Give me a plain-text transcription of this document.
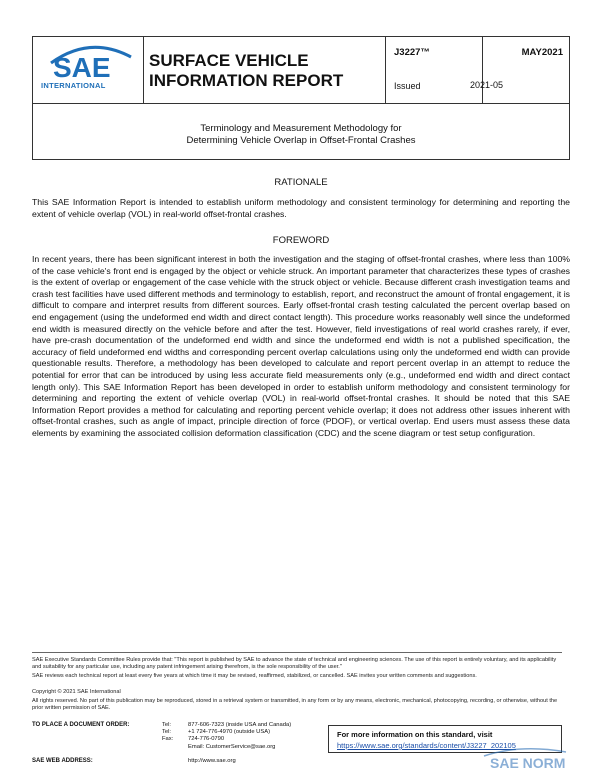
SAE
INTERNATIONAL
SURFACE VEHICLE
INFORMATION REPORT
J3227™
Issued
MAY2021
2021-05
Terminology and Measurement Methodology for
Determining Vehicle Overlap in Offset-Frontal Crashes
RATIONALE
This SAE Information Report is intended to establish uniform methodology and consistent terminology for determining and reporting the extent of vehicle overlap (VOL) in real-world offset-frontal crashes.
FOREWORD
In recent years, there has been significant interest in both the investigation and the staging of offset-frontal crashes, where less than 100% of the case vehicle's front end is engaged by the object or vehicle struck. An important parameter that characterizes these types of crashes is the extent of overlap or engagement of the case vehicle with the struck object or vehicle. Because different crash investigation teams and crash test facilities have used different methods and terminology to establish, report, and reconstruct the amount of frontal engagement, it is difficult to compare and interpret results from different sources. Early offset-frontal crash testing calculated the percent overlap based on end engagement (using the undeformed end width and direct contact length). This procedure works reasonably well since the undeformed end width is measured directly on the vehicle before and after the test. However, field investigations of real world crashes rarely, if ever, have pre-crash documentation of the undeformed end width and since the undeformed end width is not a published specification, the accuracy of field undeformed end widths and corresponding percent overlap calculations using only the undeformed end width can provide questionable results. Therefore, a methodology has been developed to calculate and report percent overlap in an attempt to reduce the potential for error that can be introduced by using less accurate field measurements only (e.g., undeformed end width and direct contact length only). This SAE Information Report has been developed in order to establish uniform methodology and consistent terminology for determining and reporting the extent of vehicle overlap (VOL) in real-world offset-frontal crashes. It should be noted that this SAE Information Report provides a method for calculating and reporting percent vehicle overlap; it does not address other issues inherent with offset-frontal crashes, such as angle of impact, principle direction of force (PDOF), or vertical overlap. End users must assess these data elements by examining the associated collision deformation classification (CDC) and the scene diagram or test setup configuration.
SAE Executive Standards Committee Rules provide that: "This report is published by SAE to advance the state of technical and engineering sciences. The use of this report is entirely voluntary, and its applicability and suitability for any particular use, including any patent infringement arising therefrom, is the sole responsibility of the user."
SAE reviews each technical report at least every five years at which time it may be revised, reaffirmed, stabilized, or cancelled. SAE invites your written comments and suggestions.
Copyright © 2021 SAE International
All rights reserved. No part of this publication may be reproduced, stored in a retrieval system or transmitted, in any form or by any means, electronic, mechanical, photocopying, recording, or otherwise, without the prior written permission of SAE.
TO PLACE A DOCUMENT ORDER:	Tel:
Tel:
Fax:
877-606-7323 (inside USA and Canada)
+1 724-776-4970 (outside USA)
724-776-0790
Email: CustomerService@sae.org
SAE WEB ADDRESS:	http://www.sae.org
For more information on this standard, visit
https://www.sae.org/standards/content/J3227_202105
SAE NORM
